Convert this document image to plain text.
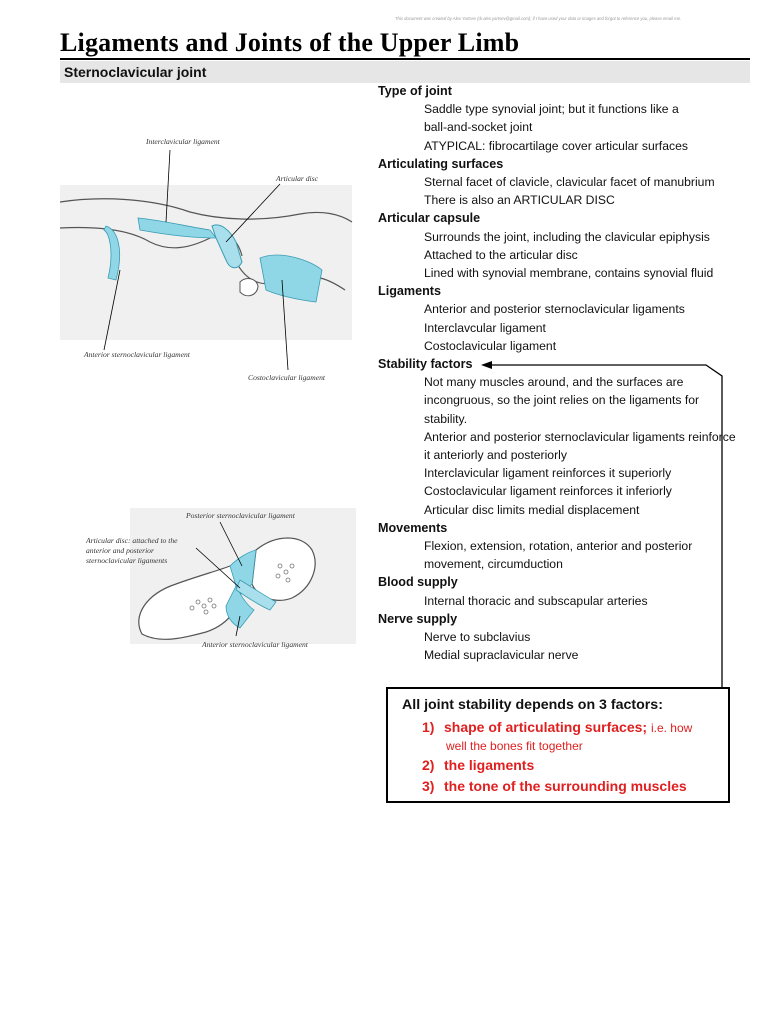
This document was created by Alex Yartsev (dr.alex.yartsev@gmail.com); if I have used your data or images and forgot to reference you, please email me.
Ligaments and Joints of the Upper Limb
Sternoclavicular joint
Interclavicular ligament
Articular disc
Anterior sternoclavicular ligament
Costoclavicular ligament
Posterior sternoclavicular ligament
Articular disc: attached to the
anterior and posterior
sternoclavicular ligaments
Anterior sternoclavicular ligament
Type of joint
Saddle type synovial joint; but it functions like a
ball-and-socket joint
ATYPICAL: fibrocartilage cover articular surfaces
Articulating surfaces
Sternal facet of clavicle, clavicular facet of manubrium
There is also an ARTICULAR DISC
Articular capsule
Surrounds the joint, including the clavicular epiphysis
Attached to the articular disc
Lined with synovial membrane, contains synovial fluid
Ligaments
Anterior and posterior sternoclavicular ligaments
Interclavcular ligament
Costoclavicular ligament
Stability factors
Not many muscles around, and the surfaces are
incongruous, so the joint relies on the ligaments for
stability.
Anterior and posterior sternoclavicular ligaments reinforce
it anteriorly and posteriorly
Interclavicular ligament reinforces it superiorly
Costoclavicular ligament reinforces it inferiorly
Articular disc limits medial displacement
Movements
Flexion, extension, rotation, anterior and posterior
movement, circumduction
Blood supply
Internal thoracic and subscapular arteries
Nerve supply
Nerve to subclavius
Medial supraclavicular nerve
All joint stability depends on 3 factors:
1) shape of articulating surfaces; i.e. how
well the bones fit together
2) the ligaments
3) the tone of the surrounding muscles
